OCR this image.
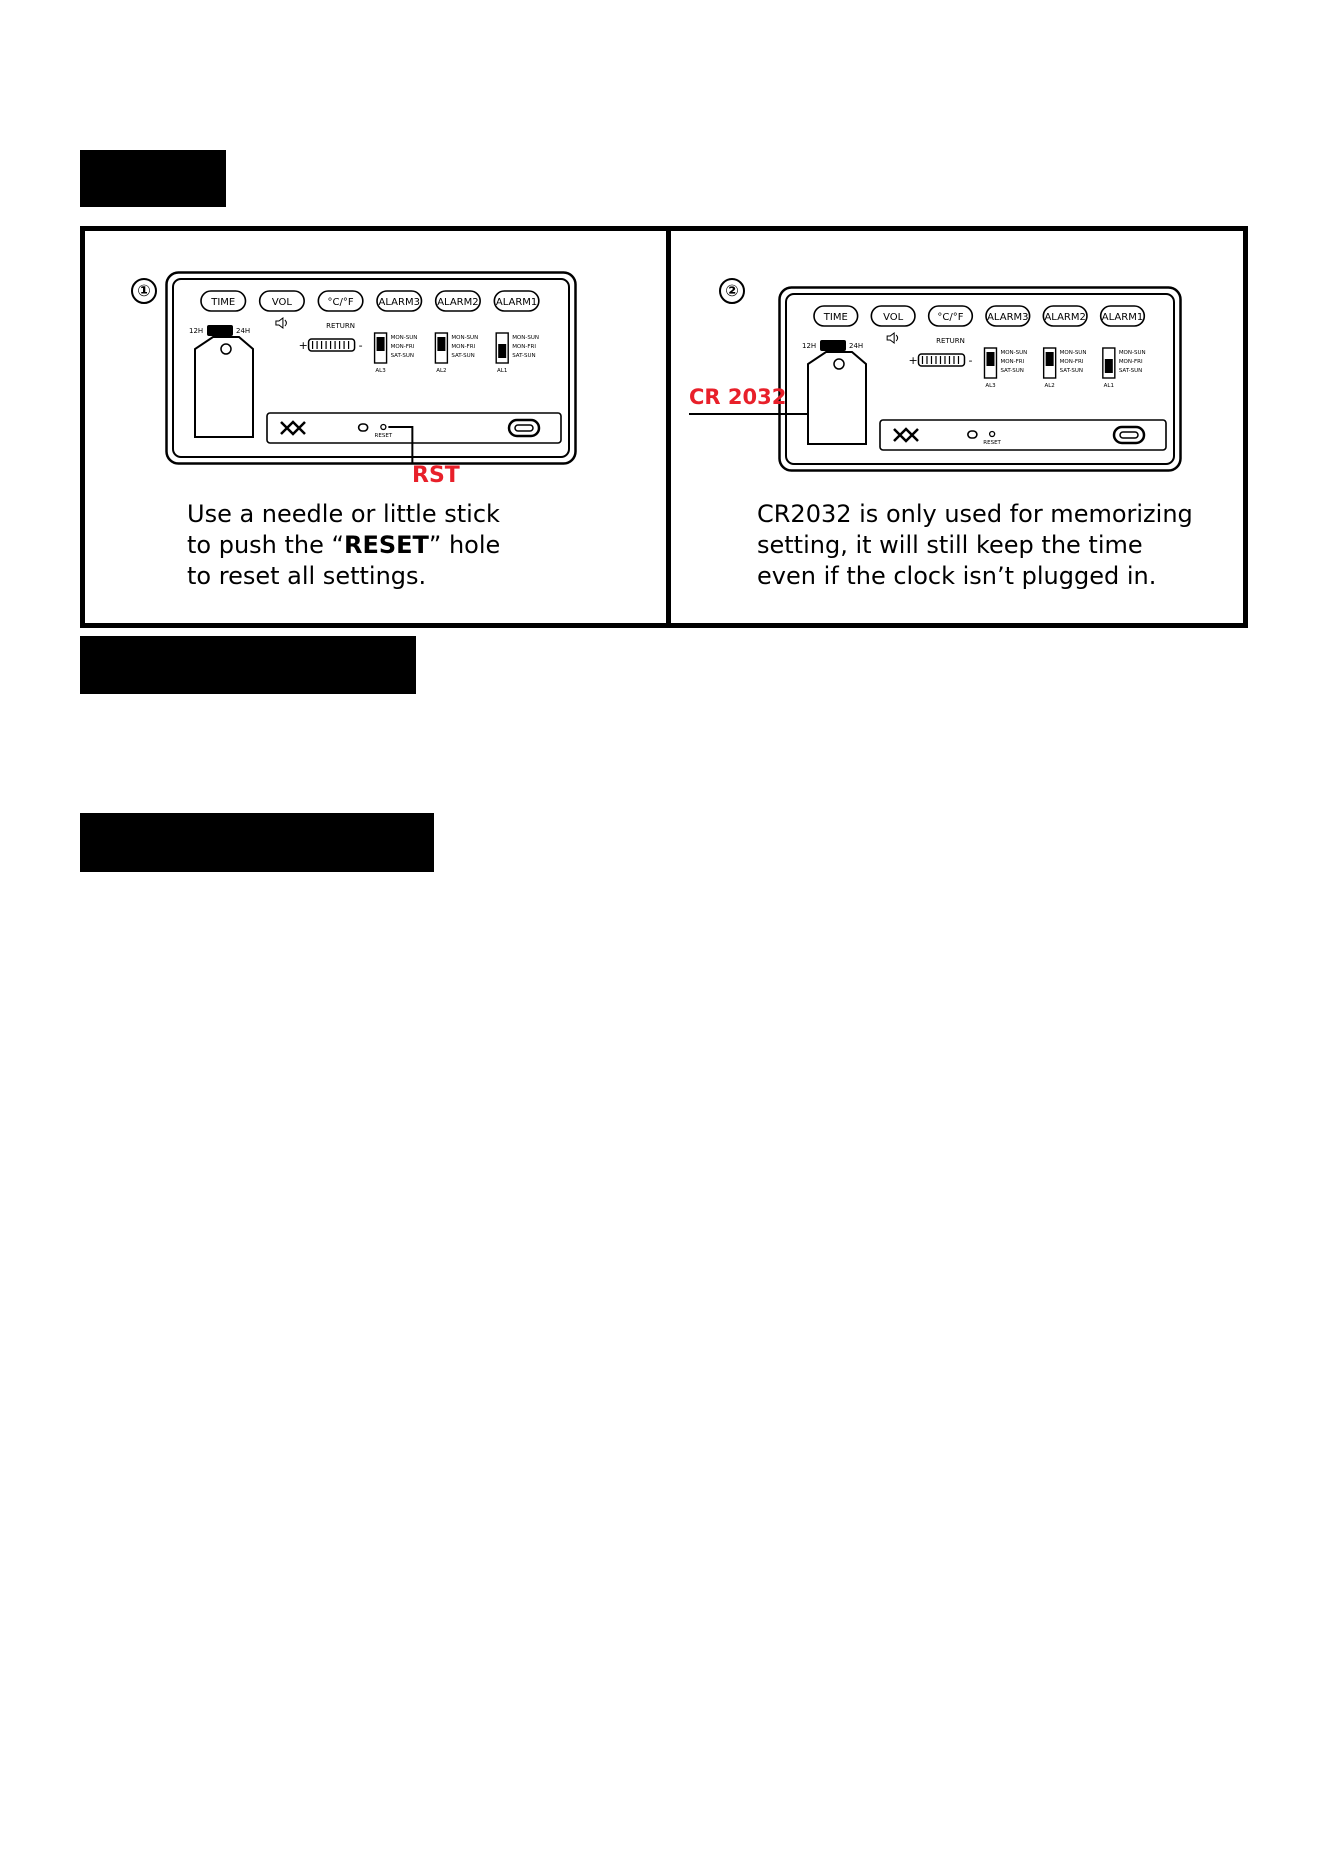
①
TIME	VOL	°C/°F ALARM3 ALARM2 ALARM1
RETURN
12H	24H
+	-
MON-SUN
MON-FRI
SAT-SUN
AL3
MON-SUN
MON-FRI
SAT-SUN
AL2
MON-SUN
MON-FRI
SAT-SUN
AL1
RESET
RST
Use a needle or little stick
to push the “RESET” hole
to reset all settings.
②
TIME	VOL	°C/°F ALARM3 ALARM2 ALARM1
RETURN
12H	24H
+	-
MON-SUN
MON-FRI
SAT-SUN
AL3
MON-SUN
MON-FRI
SAT-SUN
AL2
MON-SUN
MON-FRI
SAT-SUN
AL1
RESET
CR 2032
CR2032 is only used for memorizing
setting, it will still keep the time
even if the clock isn’t plugged in.
